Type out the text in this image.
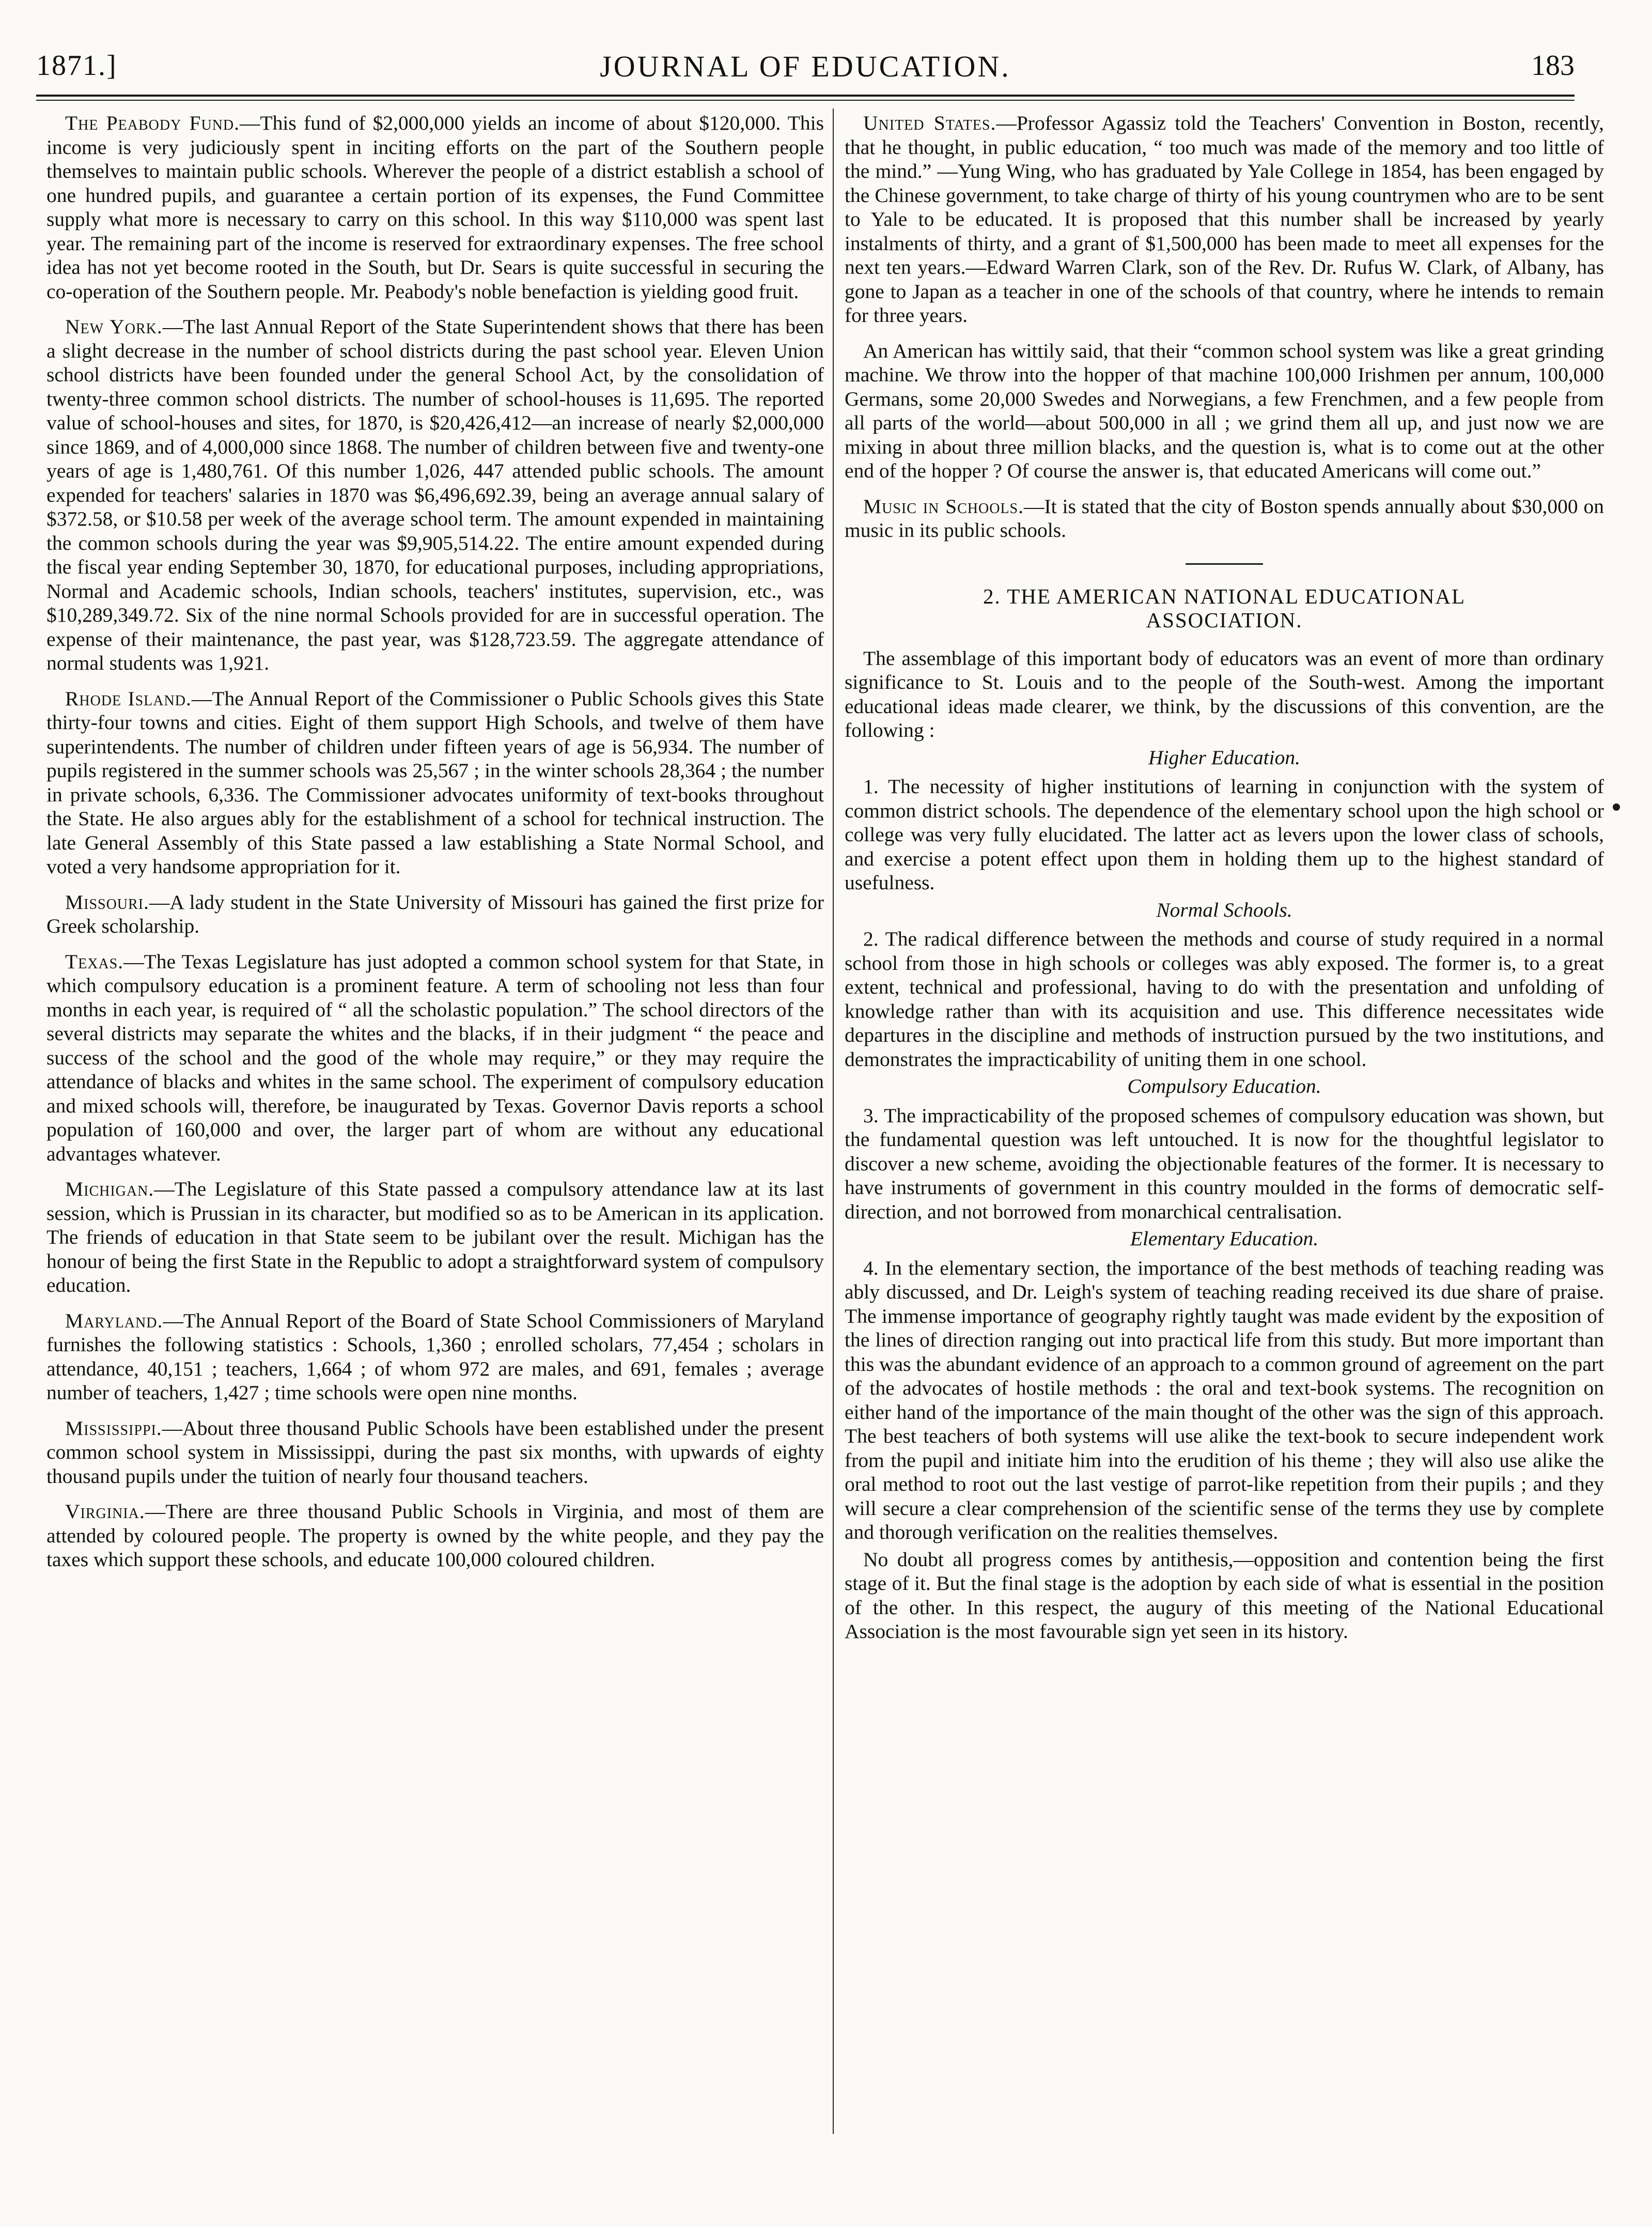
1871.]	JOURNAL OF EDUCATION.	183

The Peabody Fund.—This fund of $2,000,000 yields an income of about $120,000. This income is very judiciously spent in inciting efforts on the part of the Southern people themselves to maintain public schools. Wherever the people of a district establish a school of one hundred pupils, and guarantee a certain portion of its expenses, the Fund Committee supply what more is necessary to carry on this school. In this way $110,000 was spent last year. The remaining part of the income is reserved for extraordinary expenses. The free school idea has not yet become rooted in the South, but Dr. Sears is quite successful in securing the co-operation of the Southern people. Mr. Peabody's noble benefaction is yielding good fruit.

New York.—The last Annual Report of the State Superintendent shows that there has been a slight decrease in the number of school districts during the past school year. Eleven Union school districts have been founded under the general School Act, by the consolidation of twenty-three common school districts. The number of school-houses is 11,695. The reported value of school-houses and sites, for 1870, is $20,426,412—an increase of nearly $2,000,000 since 1869, and of 4,000,000 since 1868. The number of children between five and twenty-one years of age is 1,480,761. Of this number 1,026, 447 attended public schools. The amount expended for teachers' salaries in 1870 was $6,496,692.39, being an average annual salary of $372.58, or $10.58 per week of the average school term. The amount expended in maintaining the common schools during the year was $9,905,514.22. The entire amount expended during the fiscal year ending September 30, 1870, for educational purposes, including appropriations, Normal and Academic schools, Indian schools, teachers' institutes, supervision, etc., was $10,289,349.72. Six of the nine normal Schools provided for are in successful operation. The expense of their maintenance, the past year, was $128,723.59. The aggregate attendance of normal students was 1,921.

Rhode Island.—The Annual Report of the Commissioner o Public Schools gives this State thirty-four towns and cities. Eight of them support High Schools, and twelve of them have superintendents. The number of children under fifteen years of age is 56,934. The number of pupils registered in the summer schools was 25,567 ; in the winter schools 28,364 ; the number in private schools, 6,336. The Commissioner advocates uniformity of text-books throughout the State. He also argues ably for the establishment of a school for technical instruction. The late General Assembly of this State passed a law establishing a State Normal School, and voted a very handsome appropriation for it.

Missouri.—A lady student in the State University of Missouri has gained the first prize for Greek scholarship.

Texas.—The Texas Legislature has just adopted a common school system for that State, in which compulsory education is a prominent feature. A term of schooling not less than four months in each year, is required of “ all the scholastic population.” The school directors of the several districts may separate the whites and the blacks, if in their judgment “ the peace and success of the school and the good of the whole may require,” or they may require the attendance of blacks and whites in the same school. The experiment of compulsory education and mixed schools will, therefore, be inaugurated by Texas. Governor Davis reports a school population of 160,000 and over, the larger part of whom are without any educational advantages whatever.

Michigan.—The Legislature of this State passed a compulsory attendance law at its last session, which is Prussian in its character, but modified so as to be American in its application. The friends of education in that State seem to be jubilant over the result. Michigan has the honour of being the first State in the Republic to adopt a straightforward system of compulsory education.

Maryland.—The Annual Report of the Board of State School Commissioners of Maryland furnishes the following statistics : Schools, 1,360 ; enrolled scholars, 77,454 ; scholars in attendance, 40,151 ; teachers, 1,664 ; of whom 972 are males, and 691, females ; average number of teachers, 1,427 ; time schools were open nine months.

Mississippi.—About three thousand Public Schools have been established under the present common school system in Mississippi, during the past six months, with upwards of eighty thousand pupils under the tuition of nearly four thousand teachers.

Virginia.—There are three thousand Public Schools in Virginia, and most of them are attended by coloured people. The property is owned by the white people, and they pay the taxes which support these schools, and educate 100,000 coloured children.

United States.—Professor Agassiz told the Teachers' Convention in Boston, recently, that he thought, in public education, “ too much was made of the memory and too little of the mind.” —Yung Wing, who has graduated by Yale College in 1854, has been engaged by the Chinese government, to take charge of thirty of his young countrymen who are to be sent to Yale to be educated. It is proposed that this number shall be increased by yearly instalments of thirty, and a grant of $1,500,000 has been made to meet all expenses for the next ten years.—Edward Warren Clark, son of the Rev. Dr. Rufus W. Clark, of Albany, has gone to Japan as a teacher in one of the schools of that country, where he intends to remain for three years.

An American has wittily said, that their “common school system was like a great grinding machine. We throw into the hopper of that machine 100,000 Irishmen per annum, 100,000 Germans, some 20,000 Swedes and Norwegians, a few Frenchmen, and a few people from all parts of the world—about 500,000 in all ; we grind them all up, and just now we are mixing in about three million blacks, and the question is, what is to come out at the other end of the hopper ? Of course the answer is, that educated Americans will come out.”

Music in Schools.—It is stated that the city of Boston spends annually about $30,000 on music in its public schools.

2. THE AMERICAN NATIONAL EDUCATIONAL ASSOCIATION.

The assemblage of this important body of educators was an event of more than ordinary significance to St. Louis and to the people of the South-west. Among the important educational ideas made clearer, we think, by the discussions of this convention, are the following :

Higher Education.

1. The necessity of higher institutions of learning in conjunction with the system of common district schools. The dependence of the elementary school upon the high school or college was very fully elucidated. The latter act as levers upon the lower class of schools, and exercise a potent effect upon them in holding them up to the highest standard of usefulness.

Normal Schools.

2. The radical difference between the methods and course of study required in a normal school from those in high schools or colleges was ably exposed. The former is, to a great extent, technical and professional, having to do with the presentation and unfolding of knowledge rather than with its acquisition and use. This difference necessitates wide departures in the discipline and methods of instruction pursued by the two institutions, and demonstrates the impracticability of uniting them in one school.

Compulsory Education.

3. The impracticability of the proposed schemes of compulsory education was shown, but the fundamental question was left untouched. It is now for the thoughtful legislator to discover a new scheme, avoiding the objectionable features of the former. It is necessary to have instruments of government in this country moulded in the forms of democratic self-direction, and not borrowed from monarchical centralisation.

Elementary Education.

4. In the elementary section, the importance of the best methods of teaching reading was ably discussed, and Dr. Leigh's system of teaching reading received its due share of praise. The immense importance of geography rightly taught was made evident by the exposition of the lines of direction ranging out into practical life from this study. But more important than this was the abundant evidence of an approach to a common ground of agreement on the part of the advocates of hostile methods : the oral and text-book systems. The recognition on either hand of the importance of the main thought of the other was the sign of this approach. The best teachers of both systems will use alike the text-book to secure independent work from the pupil and initiate him into the erudition of his theme ; they will also use alike the oral method to root out the last vestige of parrot-like repetition from their pupils ; and they will secure a clear comprehension of the scientific sense of the terms they use by complete and thorough verification on the realities themselves.

No doubt all progress comes by antithesis,—opposition and contention being the first stage of it. But the final stage is the adoption by each side of what is essential in the position of the other. In this respect, the augury of this meeting of the National Educational Association is the most favourable sign yet seen in its history.
